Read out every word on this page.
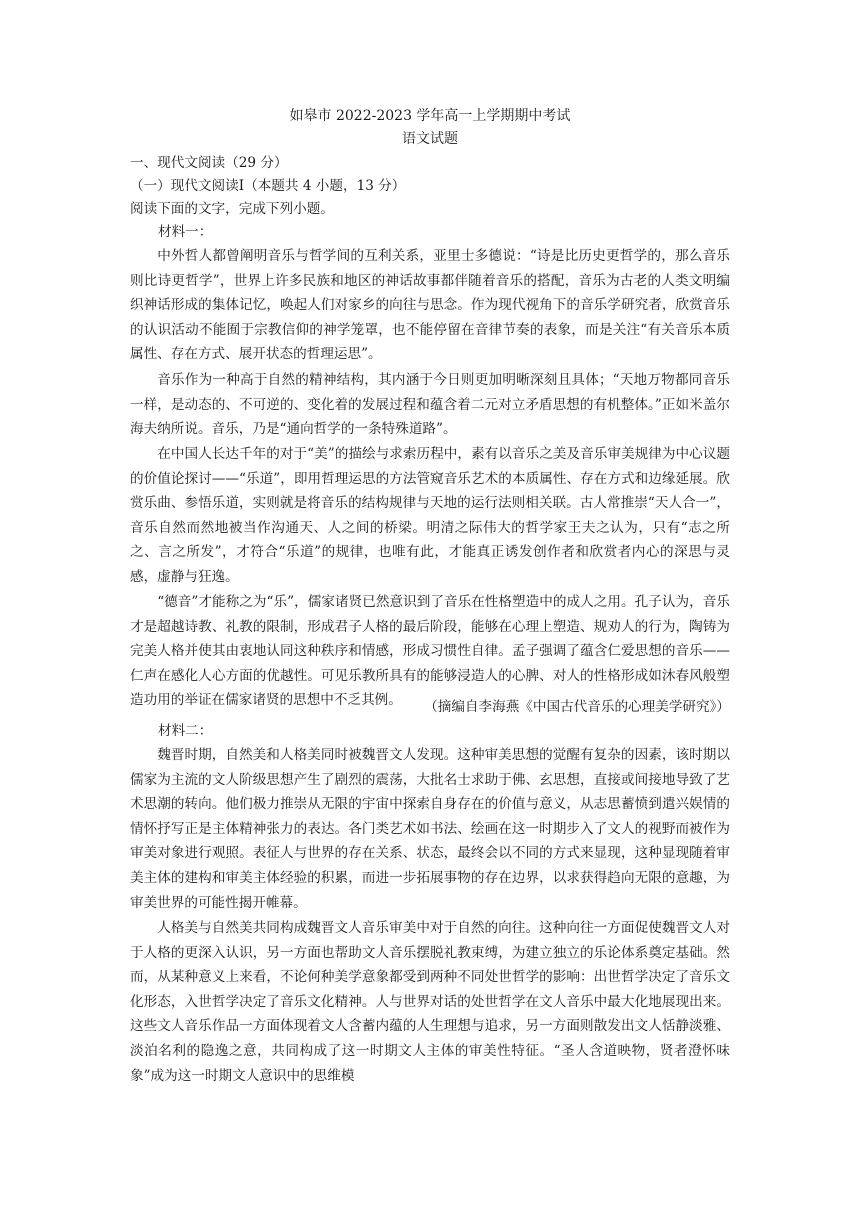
如皋市 2022-2023 学年高一上学期期中考试
语文试题
一、现代文阅读（29 分）
（一）现代文阅读Ⅰ（本题共 4 小题，13 分）
阅读下面的文字，完成下列小题。
材料一：

中外哲人都曾阐明音乐与哲学间的互利关系，亚里士多德说：“诗是比历史更哲学的，那么音乐则比诗更哲学”，世界上许多民族和地区的神话故事都伴随着音乐的搭配，音乐为古老的人类文明编织神话形成的集体记忆，唤起人们对家乡的向往与思念。作为现代视角下的音乐学研究者，欣赏音乐的认识活动不能囿于宗教信仰的神学笼罩，也不能停留在音律节奏的表象，而是关注“有关音乐本质属性、存在方式、展开状态的哲理运思”。

音乐作为一种高于自然的精神结构，其内涵于今日则更加明晰深刻且具体；“天地万物都同音乐一样，是动态的、不可逆的、变化着的发展过程和蕴含着二元对立矛盾思想的有机整体。”正如米盖尔海夫纳所说。音乐，乃是“通向哲学的一条特殊道路”。

在中国人长达千年的对于“美”的描绘与求索历程中，素有以音乐之美及音乐审美规律为中心议题的价值论探讨——“乐道”，即用哲理运思的方法管窥音乐艺术的本质属性、存在方式和边缘延展。欣赏乐曲、参悟乐道，实则就是将音乐的结构规律与天地的运行法则相关联。古人常推崇“天人合一”，音乐自然而然地被当作沟通天、人之间的桥梁。明清之际伟大的哲学家王夫之认为，只有“志之所之、言之所发”，才符合“乐道”的规律，也唯有此，才能真正诱发创作者和欣赏者内心的深思与灵感，虚静与狂逸。

“德音”才能称之为“乐”，儒家诸贤已然意识到了音乐在性格塑造中的成人之用。孔子认为，音乐才是超越诗教、礼教的限制，形成君子人格的最后阶段，能够在心理上塑造、规劝人的行为，陶铸为完美人格并使其由衷地认同这种秩序和情感，形成习惯性自律。孟子强调了蕴含仁爱思想的音乐——仁声在感化人心方面的优越性。可见乐教所具有的能够浸造人的心脾、对人的性格形成如沐春风般塑造功用的举证在儒家诸贤的思想中不乏其例。	（摘编自李海燕《中国古代音乐的心理美学研究》）
材料二：

魏晋时期，自然美和人格美同时被魏晋文人发现。这种审美思想的觉醒有复杂的因素，该时期以儒家为主流的文人阶级思想产生了剧烈的震荡，大批名士求助于佛、玄思想，直接或间接地导致了艺术思潮的转向。他们极力推崇从无限的宇宙中探索自身存在的价值与意义，从志思蓄愤到遣兴娱情的情怀抒写正是主体精神张力的表达。各门类艺术如书法、绘画在这一时期步入了文人的视野而被作为审美对象进行观照。表征人与世界的存在关系、状态，最终会以不同的方式来显现，这种显现随着审美主体的建构和审美主体经验的积累，而进一步拓展事物的存在边界，以求获得趋向无限的意趣，为审美世界的可能性揭开帷幕。

人格美与自然美共同构成魏晋文人音乐审美中对于自然的向往。这种向往一方面促使魏晋文人对于人格的更深入认识，另一方面也帮助文人音乐摆脱礼教束缚，为建立独立的乐论体系奠定基础。然而，从某种意义上来看，不论何种美学意象都受到两种不同处世哲学的影响：出世哲学决定了音乐文化形态，入世哲学决定了音乐文化精神。人与世界对话的处世哲学在文人音乐中最大化地展现出来。这些文人音乐作品一方面体现着文人含蓄内蕴的人生理想与追求，另一方面则散发出文人恬静淡雅、淡泊名利的隐逸之意，共同构成了这一时期文人主体的审美性特征。“圣人含道映物，贤者澄怀味象”成为这一时期文人意识中的思维模
